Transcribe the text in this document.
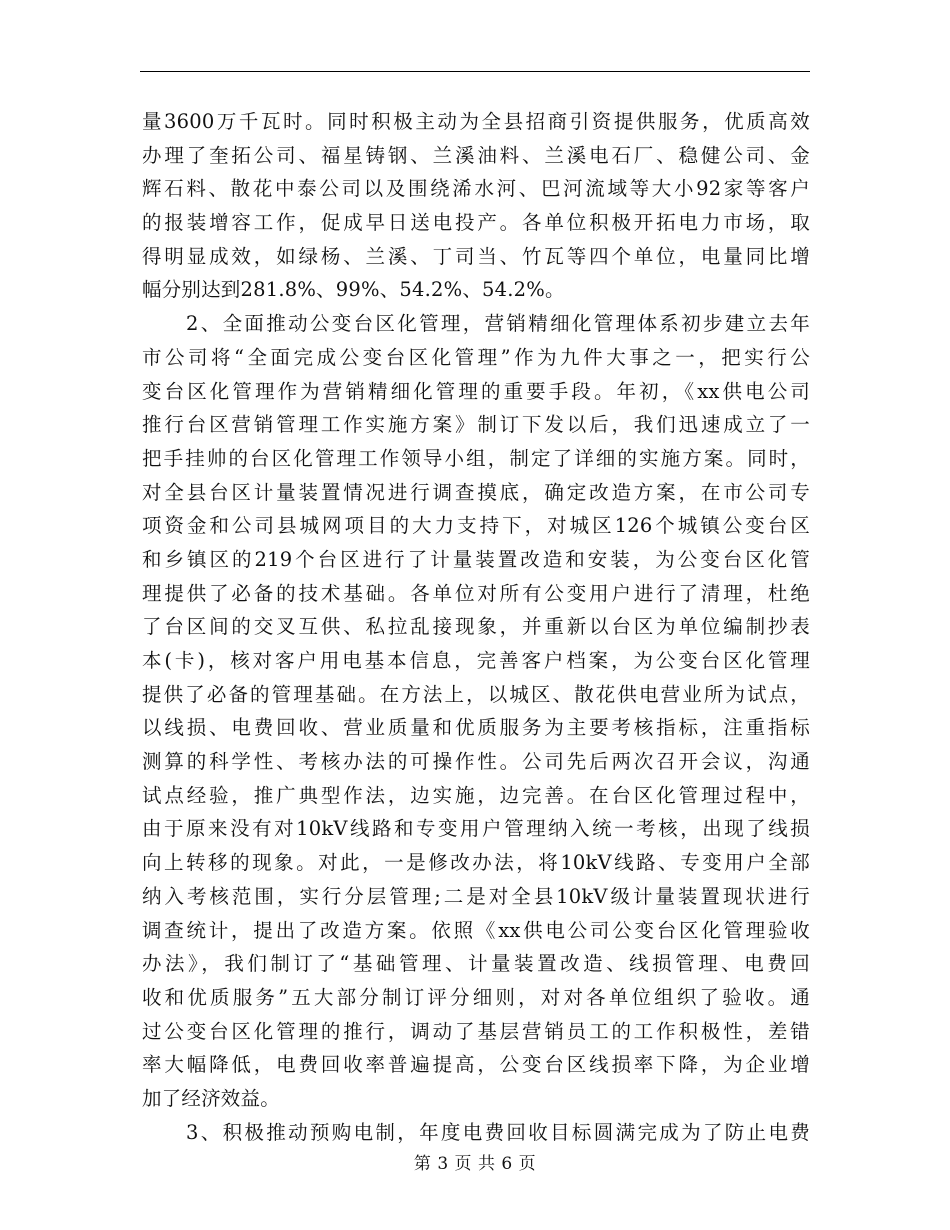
量3600万千瓦时。同时积极主动为全县招商引资提供服务，优质高效
办理了奎拓公司、福星铸钢、兰溪油料、兰溪电石厂、稳健公司、金
辉石料、散花中泰公司以及围绕浠水河、巴河流域等大小92家等客户
的报装增容工作，促成早日送电投产。各单位积极开拓电力市场，取
得明显成效，如绿杨、兰溪、丁司当、竹瓦等四个单位，电量同比增
幅分别达到281.8%、99%、54.2%、54.2%。
2、全面推动公变台区化管理，营销精细化管理体系初步建立去年
市公司将“全面完成公变台区化管理”作为九件大事之一，把实行公
变台区化管理作为营销精细化管理的重要手段。年初，《xx供电公司
推行台区营销管理工作实施方案》制订下发以后，我们迅速成立了一
把手挂帅的台区化管理工作领导小组，制定了详细的实施方案。同时，
对全县台区计量装置情况进行调查摸底，确定改造方案，在市公司专
项资金和公司县城网项目的大力支持下，对城区126个城镇公变台区
和乡镇区的219个台区进行了计量装置改造和安装，为公变台区化管
理提供了必备的技术基础。各单位对所有公变用户进行了清理，杜绝
了台区间的交叉互供、私拉乱接现象，并重新以台区为单位编制抄表
本(卡)，核对客户用电基本信息，完善客户档案，为公变台区化管理
提供了必备的管理基础。在方法上，以城区、散花供电营业所为试点，
以线损、电费回收、营业质量和优质服务为主要考核指标，注重指标
测算的科学性、考核办法的可操作性。公司先后两次召开会议，沟通
试点经验，推广典型作法，边实施，边完善。在台区化管理过程中，
由于原来没有对10kV线路和专变用户管理纳入统一考核，出现了线损
向上转移的现象。对此，一是修改办法，将10kV线路、专变用户全部
纳入考核范围，实行分层管理;二是对全县10kV级计量装置现状进行
调查统计，提出了改造方案。依照《xx供电公司公变台区化管理验收
办法》，我们制订了“基础管理、计量装置改造、线损管理、电费回
收和优质服务”五大部分制订评分细则，对对各单位组织了验收。通
过公变台区化管理的推行，调动了基层营销员工的工作积极性，差错
率大幅降低，电费回收率普遍提高，公变台区线损率下降，为企业增
加了经济效益。
3、积极推动预购电制，年度电费回收目标圆满完成为了防止电费
第 3 页 共 6 页
